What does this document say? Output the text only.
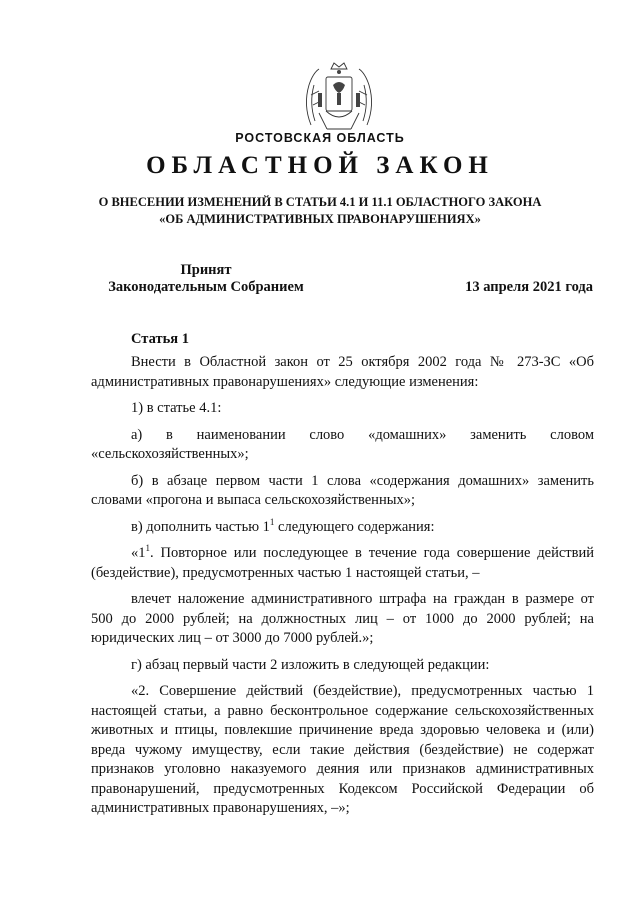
РОСТОВСКАЯ ОБЛАСТЬ
ОБЛАСТНОЙ ЗАКОН
О ВНЕСЕНИИ ИЗМЕНЕНИЙ В СТАТЬИ 4.1 И 11.1 ОБЛАСТНОГО ЗАКОНА
«ОБ АДМИНИСТРАТИВНЫХ ПРАВОНАРУШЕНИЯХ»
Принят
Законодательным Собранием	13 апреля 2021 года

Статья 1

Внести в Областной закон от 25 октября 2002 года № 273-ЗС «Об административных правонарушениях» следующие изменения:

1) в статье 4.1:

а) в наименовании слово «домашних» заменить словом «сельскохозяйственных»;

б) в абзаце первом части 1 слова «содержания домашних» заменить словами «прогона и выпаса сельскохозяйственных»;

в) дополнить частью $1^1$ следующего содержания:

«$1^1$. Повторное или последующее в течение года совершение действий (бездействие), предусмотренных частью 1 настоящей статьи, –

влечет наложение административного штрафа на граждан в размере от 500 до 2000 рублей; на должностных лиц – от 1000 до 2000 рублей; на юридических лиц – от 3000 до 7000 рублей.»;

г) абзац первый части 2 изложить в следующей редакции:

«2. Совершение действий (бездействие), предусмотренных частью 1 настоящей статьи, а равно бесконтрольное содержание сельскохозяйственных животных и птицы, повлекшие причинение вреда здоровью человека и (или) вреда чужому имуществу, если такие действия (бездействие) не содержат признаков уголовно наказуемого деяния или признаков административных правонарушений, предусмотренных Кодексом Российской Федерации об административных правонарушениях, –»;
